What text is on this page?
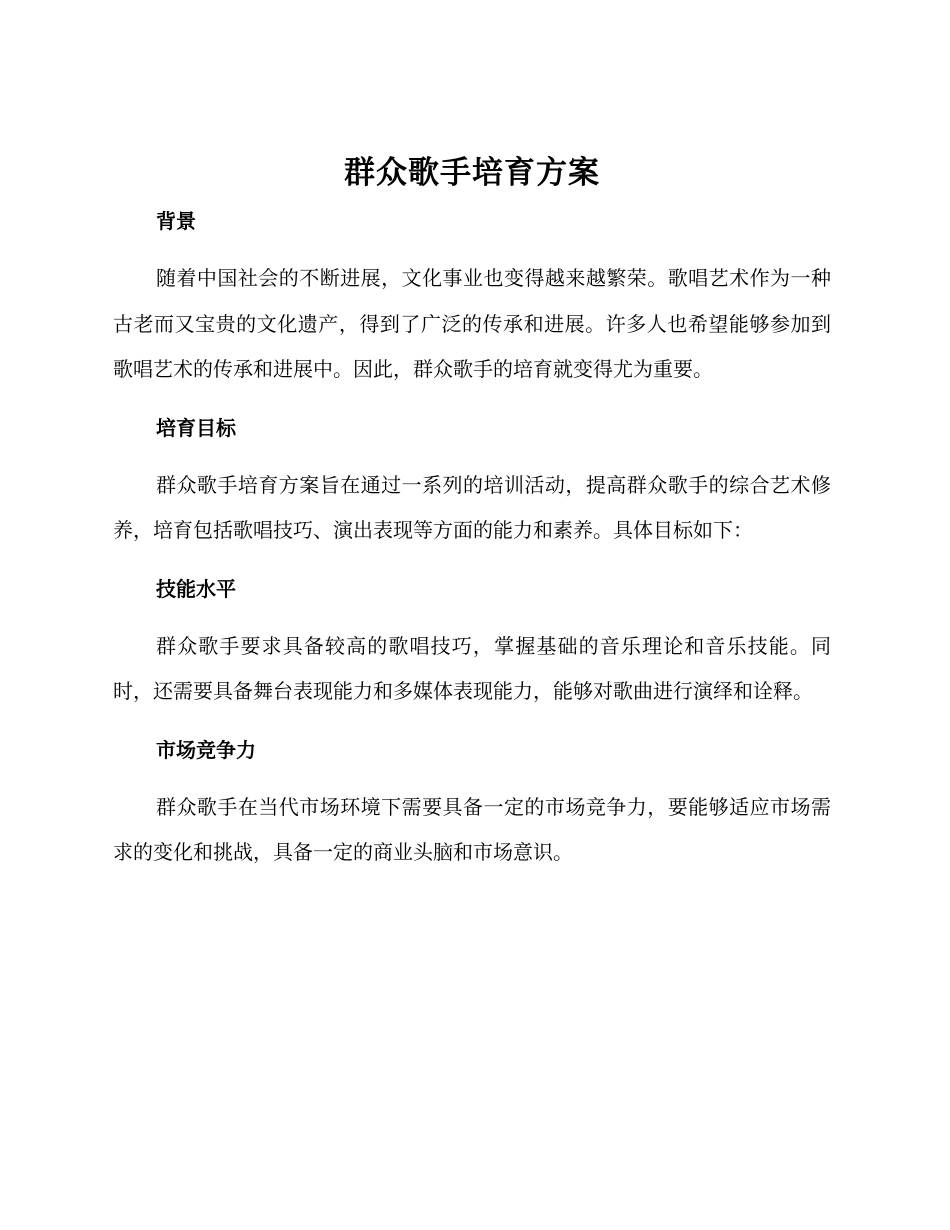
群众歌手培育方案
背景

随着中国社会的不断进展，文化事业也变得越来越繁荣。歌唱艺术作为一种古老而又宝贵的文化遗产，得到了广泛的传承和进展。许多人也希望能够参加到歌唱艺术的传承和进展中。因此，群众歌手的培育就变得尤为重要。

培育目标

群众歌手培育方案旨在通过一系列的培训活动，提高群众歌手的综合艺术修养，培育包括歌唱技巧、演出表现等方面的能力和素养。具体目标如下：

技能水平

群众歌手要求具备较高的歌唱技巧，掌握基础的音乐理论和音乐技能。同时，还需要具备舞台表现能力和多媒体表现能力，能够对歌曲进行演绎和诠释。

市场竞争力

群众歌手在当代市场环境下需要具备一定的市场竞争力，要能够适应市场需求的变化和挑战，具备一定的商业头脑和市场意识。
